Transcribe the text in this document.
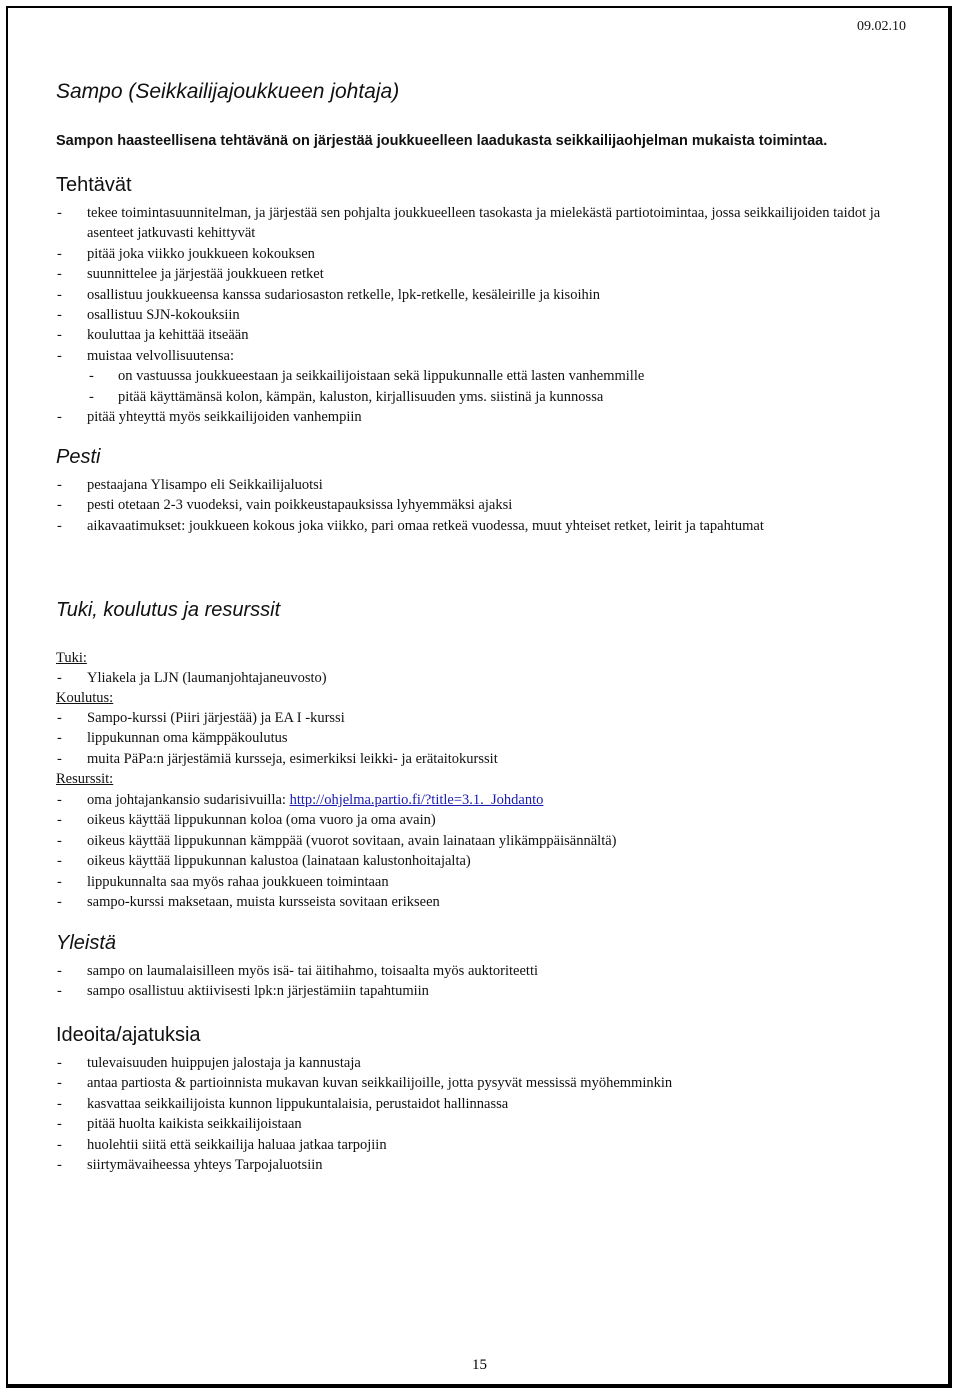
09.02.10
Sampo (Seikkailijajoukkueen johtaja)

Sampon haasteellisena tehtävänä on järjestää joukkueelleen laadukasta seikkailijaohjelman mukaista toimintaa.

Tehtävät
- tekee toimintasuunnitelman, ja järjestää sen pohjalta joukkueelleen tasokasta ja mielekästä partiotoimintaa, jossa seikkailijoiden taidot ja asenteet jatkuvasti kehittyvät
- pitää joka viikko joukkueen kokouksen
- suunnittelee ja järjestää joukkueen retket
- osallistuu joukkueensa kanssa sudariosaston retkelle, lpk-retkelle, kesäleirille ja kisoihin
- osallistuu SJN-kokouksiin
- kouluttaa ja kehittää itseään
- muistaa velvollisuutensa:
- on vastuussa joukkueestaan ja seikkailijoistaan sekä lippukunnalle että lasten vanhemmille
- pitää käyttämänsä kolon, kämpän, kaluston, kirjallisuuden yms. siistinä ja kunnossa
- pitää yhteyttä myös seikkailijoiden vanhempiin
Pesti
- pestaajana Ylisampo eli Seikkailijaluotsi
- pesti otetaan 2-3 vuodeksi, vain poikkeustapauksissa lyhyemmäksi ajaksi
- aikavaatimukset: joukkueen kokous joka viikko, pari omaa retkeä vuodessa, muut yhteiset retket, leirit ja tapahtumat
Tuki, koulutus ja resurssit

Tuki:

- Yliakela ja LJN (laumanjohtajaneuvosto)

Koulutus:

- Sampo-kurssi (Piiri järjestää) ja EA I -kurssi
- lippukunnan oma kämppäkoulutus
- muita PäPa:n järjestämiä kursseja, esimerkiksi leikki- ja erätaitokurssit

Resurssit:

- oma johtajankansio sudarisivuilla: http://ohjelma.partio.fi/?title=3.1._Johdanto
- oikeus käyttää lippukunnan koloa (oma vuoro ja oma avain)
- oikeus käyttää lippukunnan kämppää (vuorot sovitaan, avain lainataan ylikämppäisännältä)
- oikeus käyttää lippukunnan kalustoa (lainataan kalustonhoitajalta)
- lippukunnalta saa myös rahaa joukkueen toimintaan
- sampo-kurssi maksetaan, muista kursseista sovitaan erikseen
Yleistä
- sampo on laumalaisilleen myös isä- tai äitihahmo, toisaalta myös auktoriteetti
- sampo osallistuu aktiivisesti lpk:n järjestämiin tapahtumiin
Ideoita/ajatuksia
- tulevaisuuden huippujen jalostaja ja kannustaja
- antaa partiosta & partioinnista mukavan kuvan seikkailijoille, jotta pysyvät messissä myöhemminkin
- kasvattaa seikkailijoista kunnon lippukuntalaisia, perustaidot hallinnassa
- pitää huolta kaikista seikkailijoistaan
- huolehtii siitä että seikkailija haluaa jatkaa tarpojiin
- siirtymävaiheessa yhteys Tarpojaluotsiin
15
